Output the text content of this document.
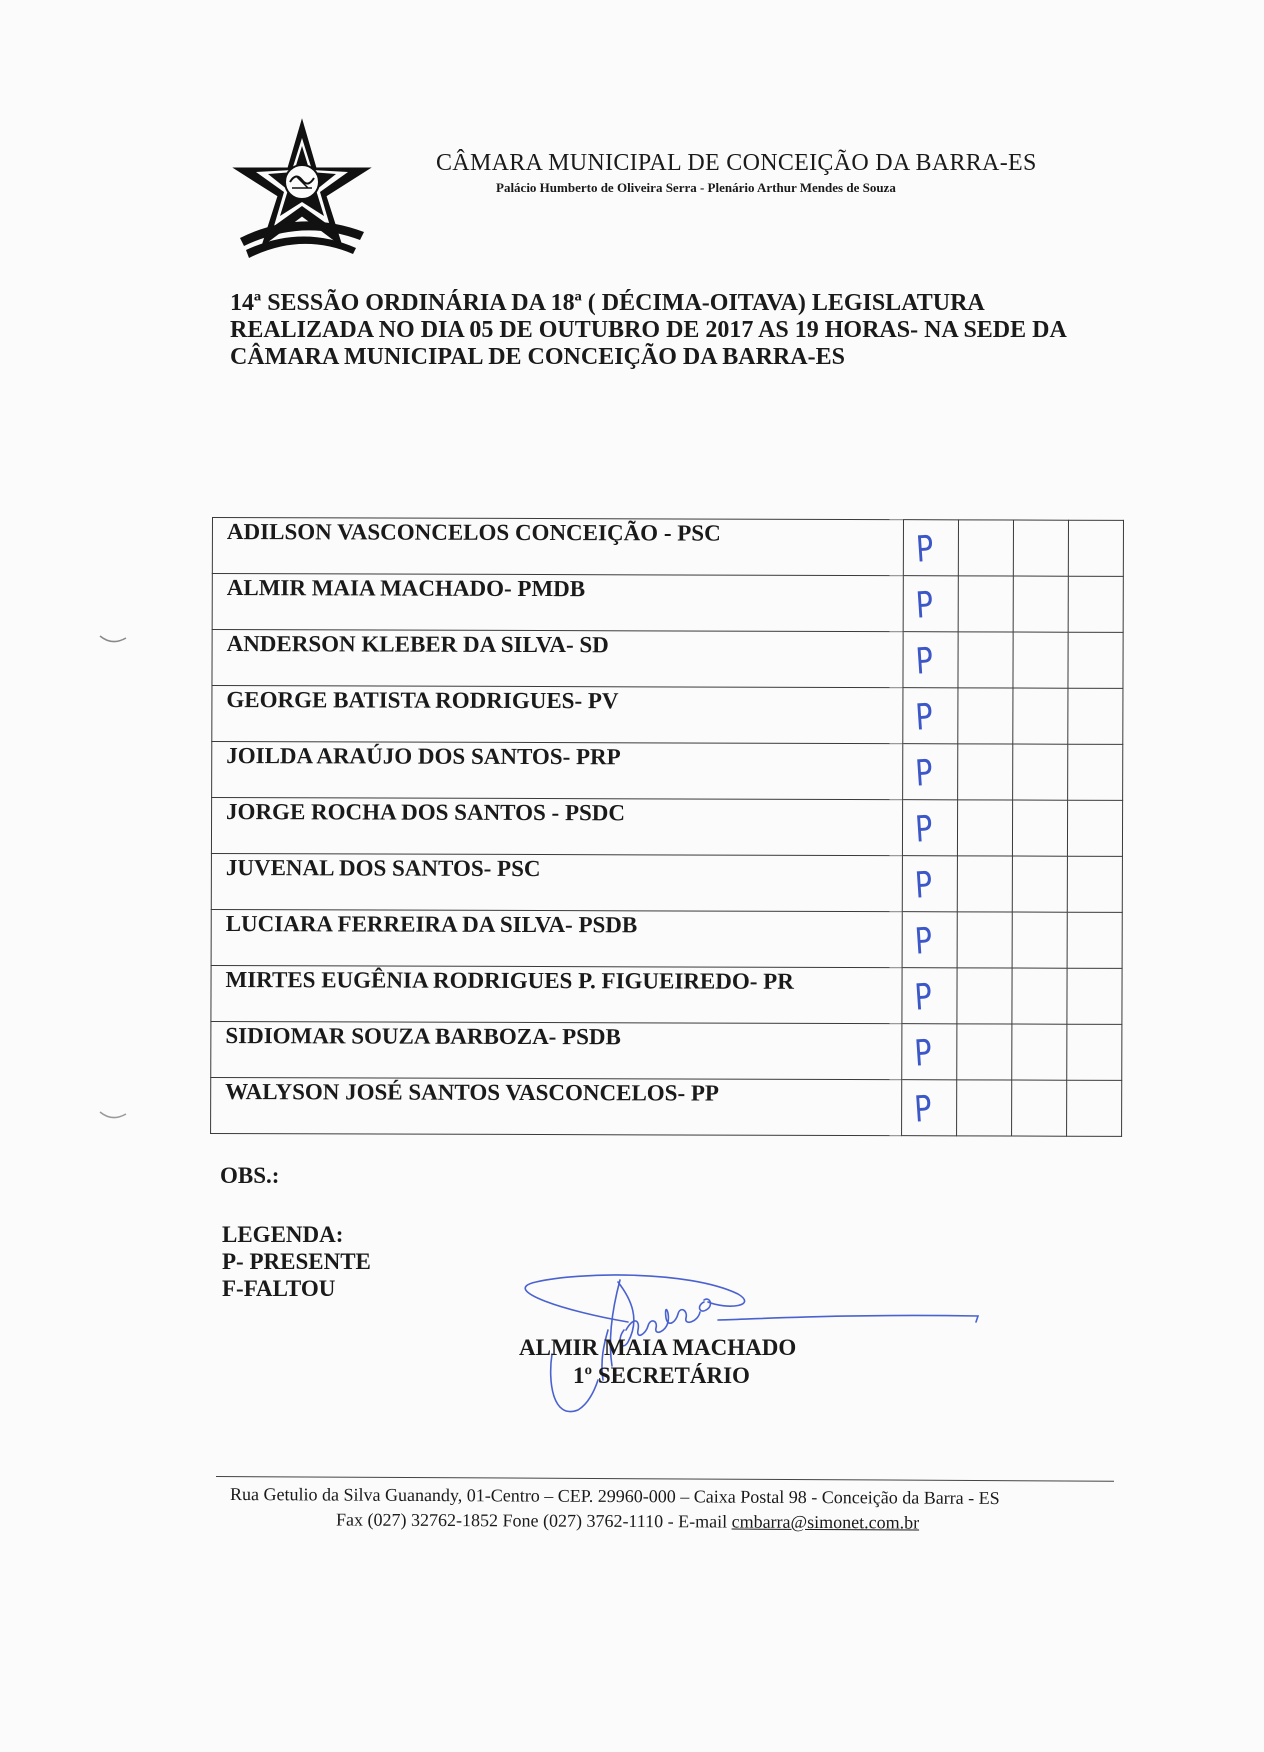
CÂMARA MUNICIPAL DE CONCEIÇÃO DA BARRA-ES
Palácio Humberto de Oliveira Serra - Plenário Arthur Mendes de Souza
14ª SESSÃO ORDINÁRIA DA 18ª ( DÉCIMA-OITAVA) LEGISLATURA
REALIZADA NO DIA 05 DE OUTUBRO DE 2017 AS 19 HORAS- NA SEDE DA
CÂMARA MUNICIPAL DE CONCEIÇÃO DA BARRA-ES
ADILSON VASCONCELOS CONCEIÇÃO - PSC	P			

ALMIR MAIA MACHADO- PMDB	P			

ANDERSON KLEBER DA SILVA- SD	P			

GEORGE BATISTA RODRIGUES- PV	P			

JOILDA ARAÚJO DOS SANTOS- PRP	P			

JORGE ROCHA DOS SANTOS - PSDC	P			

JUVENAL DOS SANTOS- PSC	P			

LUCIARA FERREIRA DA SILVA- PSDB	P			

MIRTES EUGÊNIA RODRIGUES P. FIGUEIREDO- PR	P			

SIDIOMAR SOUZA BARBOZA- PSDB	P			

WALYSON JOSÉ SANTOS VASCONCELOS- PP	P			

OBS.:
LEGENDA:
P- PRESENTE
F-FALTOU
ALMIR MAIA MACHADO
1º SECRETÁRIO
Rua Getulio da Silva Guanandy, 01-Centro – CEP. 29960-000 – Caixa Postal 98 - Conceição da Barra - ES
Fax (027) 32762-1852 Fone (027) 3762-1110 - E-mail cmbarra@simonet.com.br
